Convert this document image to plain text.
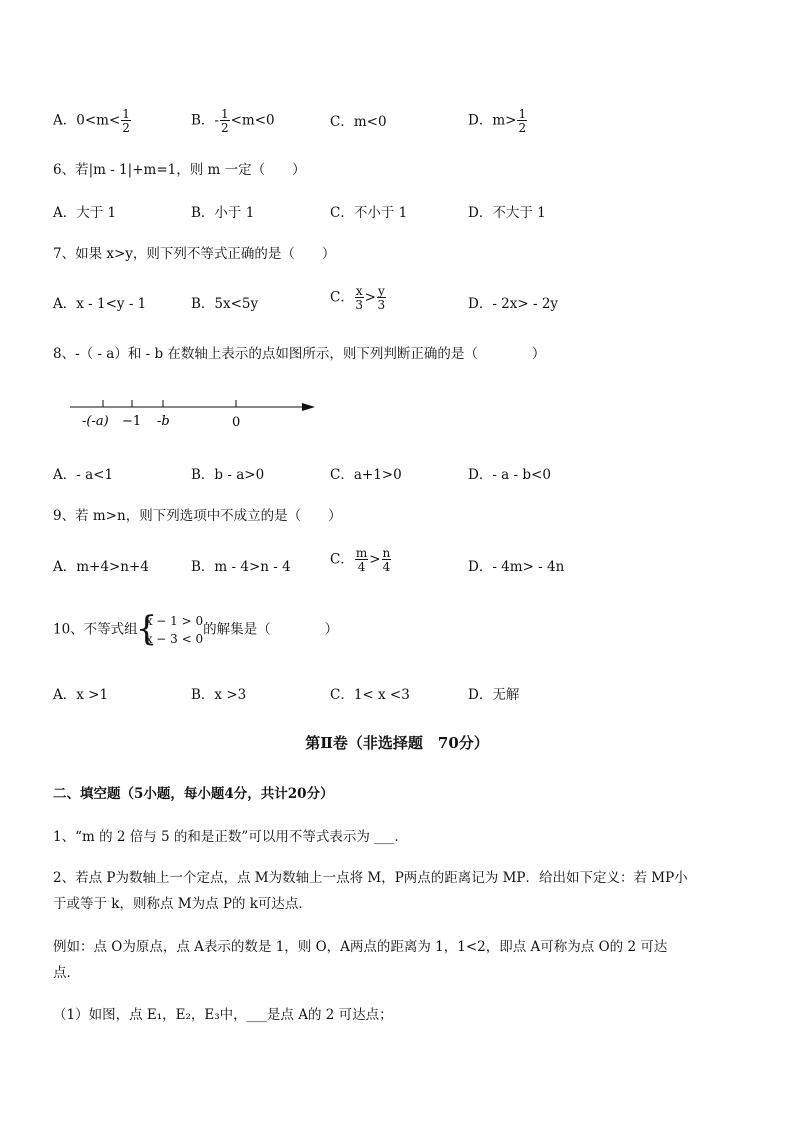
A．$0<m< \frac{1}{2}$	B．- $\frac{1}{2} <m<0$	C．m<0	D．$m> \frac{1}{2}$
6、若|m - 1|+m=1，则 m 一定（　　）
A．大于 1	B．小于 1	C．不小于 1	D．不大于 1
7、如果 x>y，则下列不等式正确的是（　　）
A．x - 1<y - 1	B．5x<5y	C． $\frac{x}{3} > \frac{y}{3}$	D．- 2x> - 2y
8、-（ - a）和 - b 在数轴上表示的点如图所示，则下列判断正确的是（　　　　）
-(-a) −1 -b	0
A．- a<1	B．b - a>0	C．a+1>0	D．- a - b<0
9、若 m>n，则下列选项中不成立的是（　　）
A．m+4>n+4	B．m - 4>n - 4	C． $\frac{m}{4} > \frac{n}{4}$	D．- 4m> - 4n
10、不等式组
{
x − 1 > 0
x − 3 < 0
的解集是（　　　　）
A．x >1	B．x >3	C．1< x <3	D．无解
第Ⅱ卷（非选择题　70分）
二、填空题（5小题，每小题4分，共计20分）
1、“m 的 2 倍与 5 的和是正数”可以用不等式表示为 ___．
2、若点 P为数轴上一个定点，点 M为数轴上一点将 M，P两点的距离记为 MP．给出如下定义：若 MP小
于或等于 k，则称点 M为点 P的 k可达点．
例如：点 O为原点，点 A表示的数是 1，则 O，A两点的距离为 1，1<2，即点 A可称为点 O的 2 可达
点．
（1）如图，点 E₁，E₂，E₃中，___是点 A的 2 可达点；
